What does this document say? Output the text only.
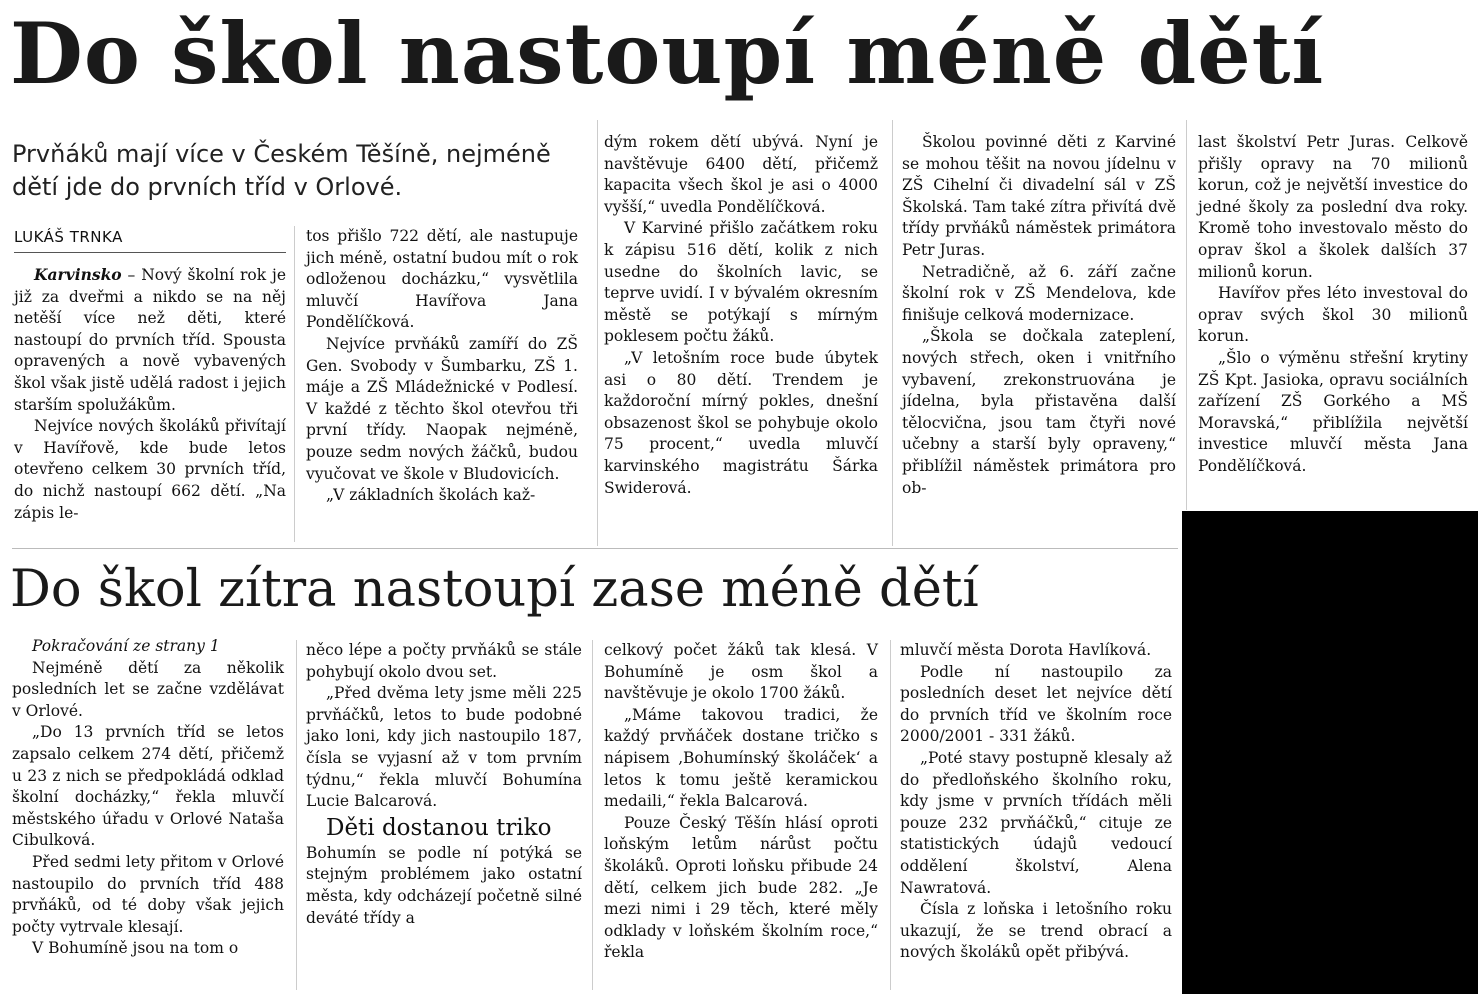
Do škol nastoupí méně dětí
Prvňáků mají více v Českém Těšíně, nejméně dětí jde do prvních tříd v Orlové.
LUKÁŠ TRNKA

Karvinsko – Nový školní rok je již za dveřmi a nikdo se na něj netěší více než děti, které nastoupí do prvních tříd. Spousta opravených a nově vybavených škol však jistě udělá radost i jejich starším spolužákům.

Nejvíce nových školáků přivítají v Havířově, kde bude letos otevřeno celkem 30 prvních tříd, do nichž nastoupí 662 dětí. „Na zápis le-

tos přišlo 722 dětí, ale nastupuje jich méně, ostatní budou mít o rok odloženou docházku,“ vysvětlila mluvčí Havířova Jana Pondělíčková.

Nejvíce prvňáků zamíří do ZŠ Gen. Svobody v Šumbarku, ZŠ 1. máje a ZŠ Mládežnické v Podlesí. V každé z těchto škol otevřou tři první třídy. Naopak nejméně, pouze sedm nových žáčků, budou vyučovat ve škole v Bludovicích.

„V základních školách kaž-

dým rokem dětí ubývá. Nyní je navštěvuje 6400 dětí, přičemž kapacita všech škol je asi o 4000 vyšší,“ uvedla Pondělíčková.

V Karviné přišlo začátkem roku k zápisu 516 dětí, kolik z nich usedne do školních lavic, se teprve uvidí. I v bývalém okresním městě se potýkají s mírným poklesem počtu žáků.

„V letošním roce bude úbytek asi o 80 dětí. Trendem je každoroční mírný pokles, dnešní obsazenost škol se pohybuje okolo 75 procent,“ uvedla mluvčí karvinského magistrátu Šárka Swiderová.

Školou povinné děti z Karviné se mohou těšit na novou jídelnu v ZŠ Cihelní či divadelní sál v ZŠ Školská. Tam také zítra přivítá dvě třídy prvňáků náměstek primátora Petr Juras.

Netradičně, až 6. září začne školní rok v ZŠ Mendelova, kde finišuje celková modernizace.

„Škola se dočkala zateplení, nových střech, oken i vnitřního vybavení, zrekonstruována je jídelna, byla přistavěna další tělocvična, jsou tam čtyři nové učebny a starší byly opraveny,“ přiblížil náměstek primátora pro ob-

last školství Petr Juras. Celkově přišly opravy na 70 milionů korun, což je největší investice do jedné školy za poslední dva roky. Kromě toho investovalo město do oprav škol a školek dalších 37 milionů korun.

Havířov přes léto investoval do oprav svých škol 30 milionů korun.

„Šlo o výměnu střešní krytiny ZŠ Kpt. Jasioka, opravu sociálních zařízení ZŠ Gorkého a MŠ Moravská,“ přiblížila největší investice mluvčí města Jana Pondělíčková.

Do škol zítra nastoupí zase méně dětí

Pokračování ze strany 1

Nejméně dětí za několik posledních let se začne vzdělávat v Orlové.

„Do 13 prvních tříd se letos zapsalo celkem 274 dětí, přičemž u 23 z nich se předpokládá odklad školní docházky,“ řekla mluvčí městského úřadu v Orlové Nataša Cibulková.

Před sedmi lety přitom v Orlové nastoupilo do prvních tříd 488 prvňáků, od té doby však jejich počty vytrvale klesají.

V Bohumíně jsou na tom o

něco lépe a počty prvňáků se stále pohybují okolo dvou set.

„Před dvěma lety jsme měli 225 prvňáčků, letos to bude podobné jako loni, kdy jich nastoupilo 187, čísla se vyjasní až v tom prvním týdnu,“ řekla mluvčí Bohumína Lucie Balcarová.

Děti dostanou triko

Bohumín se podle ní potýká se stejným problémem jako ostatní města, kdy odcházejí početně silné deváté třídy a

celkový počet žáků tak klesá. V Bohumíně je osm škol a navštěvuje je okolo 1700 žáků.

„Máme takovou tradici, že každý prvňáček dostane tričko s nápisem ‚Bohumínský školáček‘ a letos k tomu ještě keramickou medaili,“ řekla Balcarová.

Pouze Český Těšín hlásí oproti loňským letům nárůst počtu školáků. Oproti loňsku přibude 24 dětí, celkem jich bude 282. „Je mezi nimi i 29 těch, které měly odklady v loňském školním roce,“ řekla

mluvčí města Dorota Havlíková.

Podle ní nastoupilo za posledních deset let nejvíce dětí do prvních tříd ve školním roce 2000/2001 - 331 žáků.

„Poté stavy postupně klesaly až do předloňského školního roku, kdy jsme v prvních třídách měli pouze 232 prvňáčků,“ cituje ze statistických údajů vedoucí oddělení školství, Alena Nawratová.

Čísla z loňska i letošního roku ukazují, že se trend obrací a nových školáků opět přibývá.
